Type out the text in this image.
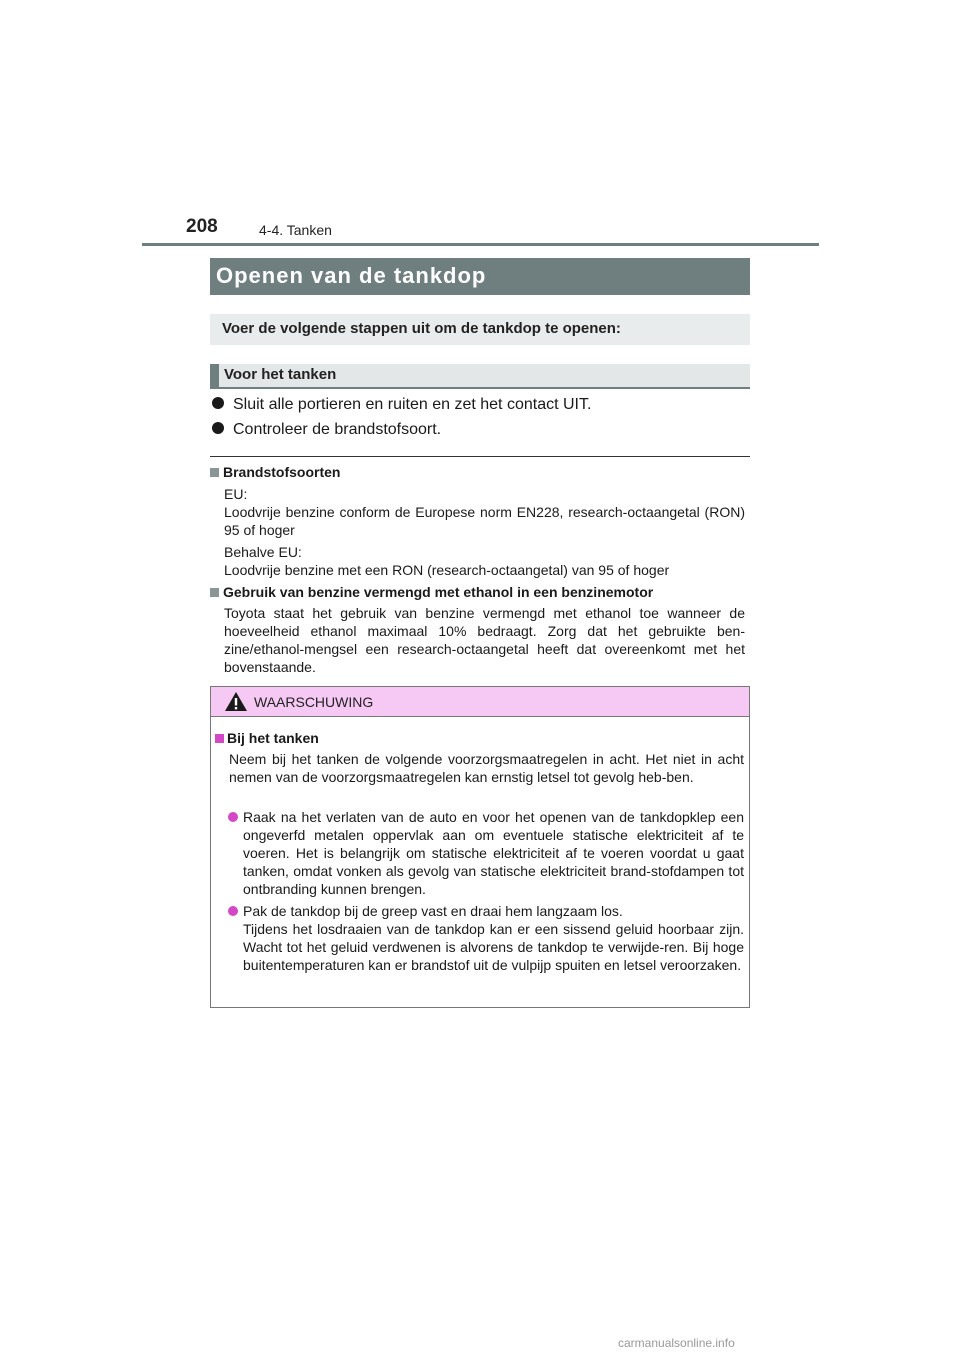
208	4-4. Tanken
Openen van de tankdop
Voer de volgende stappen uit om de tankdop te openen:
Voor het tanken
Sluit alle portieren en ruiten en zet het contact UIT.
Controleer de brandstofsoort.
Brandstofsoorten
EU:
Loodvrije benzine conform de Europese norm EN228, research-octaangetal (RON) 95 of hoger
Behalve EU:
Loodvrije benzine met een RON (research-octaangetal) van 95 of hoger
Gebruik van benzine vermengd met ethanol in een benzinemotor
Toyota staat het gebruik van benzine vermengd met ethanol toe wanneer de hoeveelheid ethanol maximaal 10% bedraagt. Zorg dat het gebruikte ben-zine/ethanol-mengsel een research-octaangetal heeft dat overeenkomt met het bovenstaande.
WAARSCHUWING
Bij het tanken
Neem bij het tanken de volgende voorzorgsmaatregelen in acht. Het niet in acht nemen van de voorzorgsmaatregelen kan ernstig letsel tot gevolg heb-ben.
Raak na het verlaten van de auto en voor het openen van de tankdopklep een ongeverfd metalen oppervlak aan om eventuele statische elektriciteit af te voeren. Het is belangrijk om statische elektriciteit af te voeren voordat u gaat tanken, omdat vonken als gevolg van statische elektriciteit brand-stofdampen tot ontbranding kunnen brengen.
Pak de tankdop bij de greep vast en draai hem langzaam los.
Tijdens het losdraaien van de tankdop kan er een sissend geluid hoorbaar zijn. Wacht tot het geluid verdwenen is alvorens de tankdop te verwijde-ren. Bij hoge buitentemperaturen kan er brandstof uit de vulpijp spuiten en letsel veroorzaken.
carmanualsonline.info
